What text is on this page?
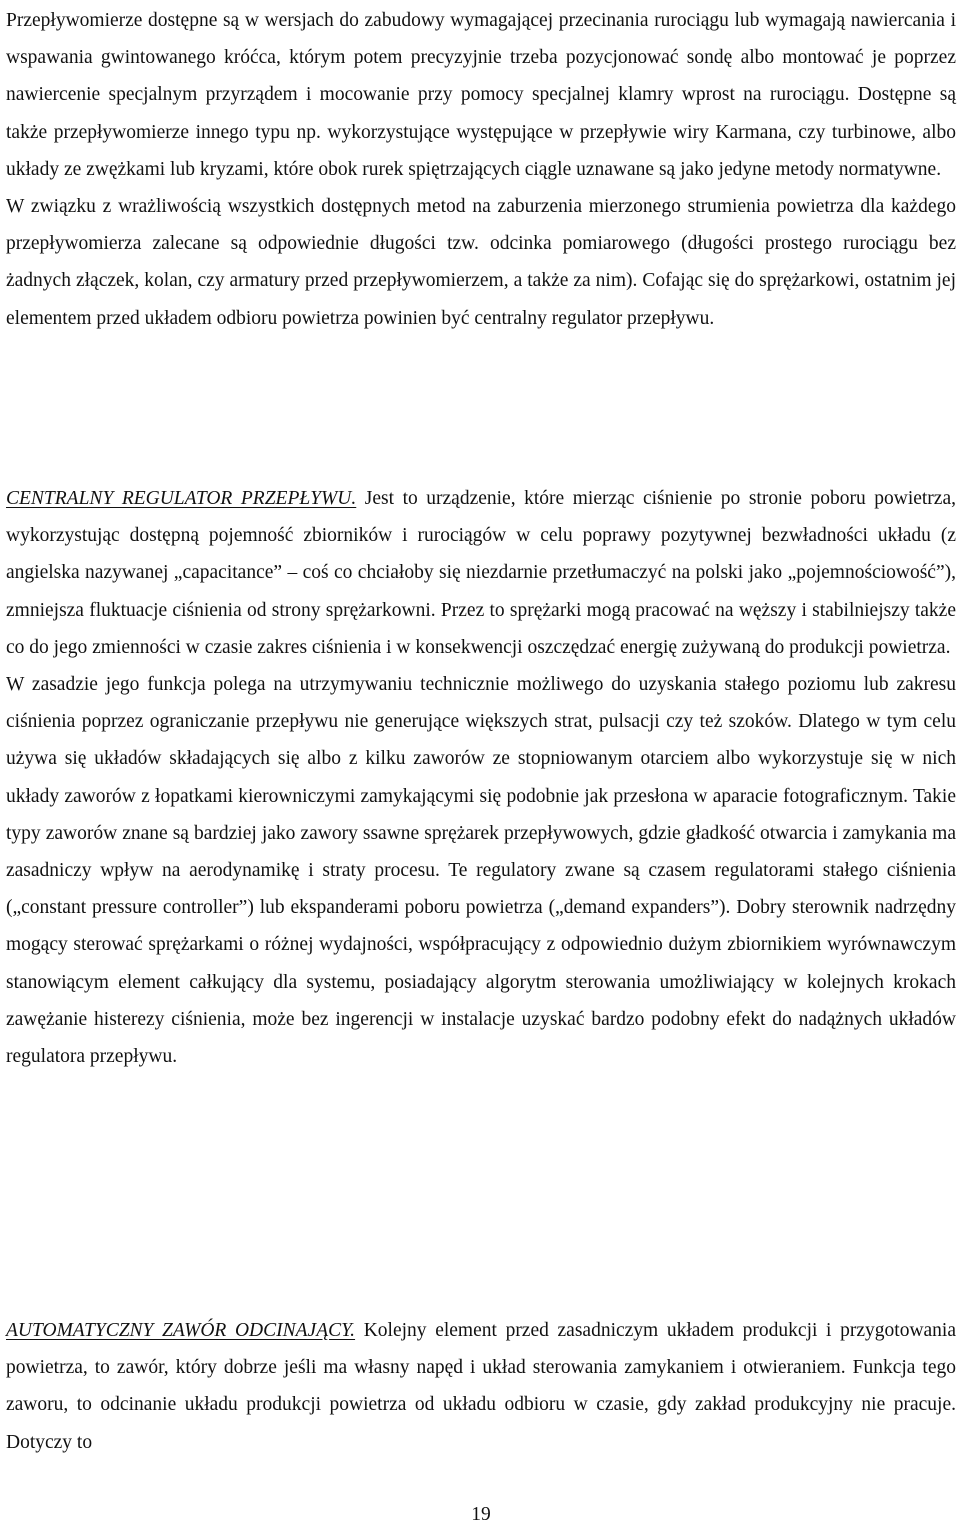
Przepływomierze dostępne są w wersjach do zabudowy wymagającej przecinania rurociągu lub wymagają nawiercania i wspawania gwintowanego króćca, którym potem precyzyjnie trzeba pozycjonować sondę albo montować je poprzez nawiercenie specjalnym przyrządem i mocowanie przy pomocy specjalnej klamry wprost na rurociągu. Dostępne są także przepływomierze innego typu np. wykorzystujące występujące w przepływie wiry Karmana, czy turbinowe, albo układy ze zwężkami lub kryzami, które obok rurek spiętrzających ciągle uznawane są jako jedyne metody normatywne.

W związku z wrażliwością wszystkich dostępnych metod na zaburzenia mierzonego strumienia powietrza dla każdego przepływomierza zalecane są odpowiednie długości tzw. odcinka pomiarowego (długości prostego rurociągu bez żadnych złączek, kolan, czy armatury przed przepływomierzem, a także za nim). Cofając się do sprężarkowi, ostatnim jej elementem przed układem odbioru powietrza powinien być centralny regulator przepływu.

CENTRALNY REGULATOR PRZEPŁYWU. Jest to urządzenie, które mierząc ciśnienie po stronie poboru powietrza, wykorzystując dostępną pojemność zbiorników i rurociągów w celu poprawy pozytywnej bezwładności układu (z angielska nazywanej „capacitance” – coś co chciałoby się niezdarnie przetłumaczyć na polski jako „pojemnościowość”), zmniejsza fluktuacje ciśnienia od strony sprężarkowni. Przez to sprężarki mogą pracować na węższy i stabilniejszy także co do jego zmienności w czasie zakres ciśnienia i w konsekwencji oszczędzać energię zużywaną do produkcji powietrza.

W zasadzie jego funkcja polega na utrzymywaniu technicznie możliwego do uzyskania stałego poziomu lub zakresu ciśnienia poprzez ograniczanie przepływu nie generujące większych strat, pulsacji czy też szoków. Dlatego w tym celu używa się układów składających się albo z kilku zaworów ze stopniowanym otarciem albo wykorzystuje się w nich układy zaworów z łopatkami kierowniczymi zamykającymi się podobnie jak przesłona w aparacie fotograficznym. Takie typy zaworów znane są bardziej jako zawory ssawne sprężarek przepływowych, gdzie gładkość otwarcia i zamykania ma zasadniczy wpływ na aerodynamikę i straty procesu. Te regulatory zwane są czasem regulatorami stałego ciśnienia („constant pressure controller”) lub ekspanderami poboru powietrza („demand expanders”). Dobry sterownik nadrzędny mogący sterować sprężarkami o różnej wydajności, współpracujący z odpowiednio dużym zbiornikiem wyrównawczym stanowiącym element całkujący dla systemu, posiadający algorytm sterowania umożliwiający w kolejnych krokach zawężanie histerezy ciśnienia, może bez ingerencji w instalacje uzyskać bardzo podobny efekt do nadążnych układów regulatora przepływu.

AUTOMATYCZNY ZAWÓR ODCINAJĄCY. Kolejny element przed zasadniczym układem produkcji i przygotowania powietrza, to zawór, który dobrze jeśli ma własny napęd i układ sterowania zamykaniem i otwieraniem. Funkcja tego zaworu, to odcinanie układu produkcji powietrza od układu odbioru w czasie, gdy zakład produkcyjny nie pracuje. Dotyczy to

19
